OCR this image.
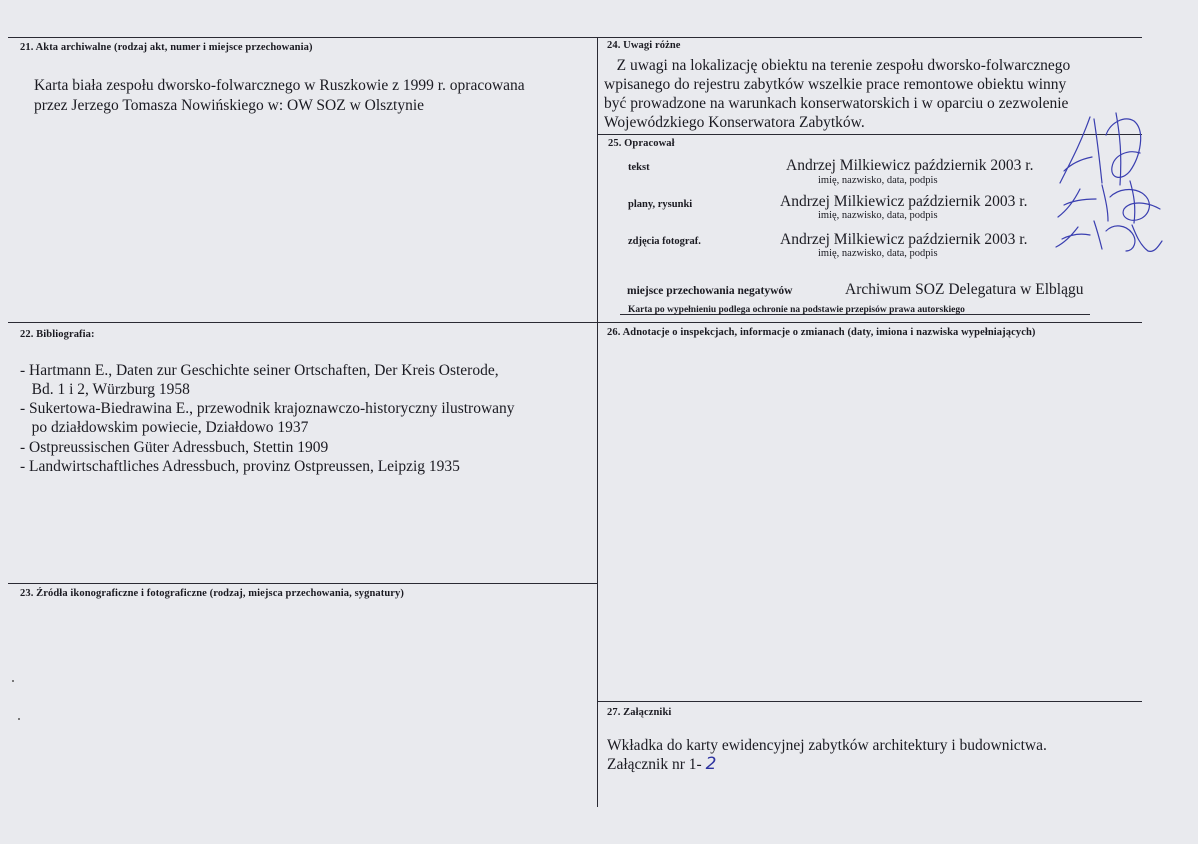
21. Akta archiwalne (rodzaj akt, numer i miejsce przechowania)
Karta biała zespołu dworsko-folwarcznego w Ruszkowie z 1999 r. opracowana
przez Jerzego Tomasza Nowińskiego w: OW SOZ w Olsztynie
24. Uwagi różne
Z uwagi na lokalizację obiektu na terenie zespołu dworsko-folwarcznego
wpisanego do rejestru zabytków wszelkie prace remontowe obiektu winny
być prowadzone na warunkach konserwatorskich i w oparciu o zezwolenie
Wojewódzkiego Konserwatora Zabytków.
25. Opracował
tekst	Andrzej Milkiewicz październik 2003 r.
imię, nazwisko, data, podpis
plany, rysunki	Andrzej Milkiewicz październik 2003 r.
imię, nazwisko, data, podpis
zdjęcia fotograf.	Andrzej Milkiewicz październik 2003 r.
imię, nazwisko, data, podpis
miejsce przechowania negatywów	Archiwum SOZ Delegatura w Elblągu
Karta po wypełnieniu podlega ochronie na podstawie przepisów prawa autorskiego
22. Bibliografia:
- Hartmann E., Daten zur Geschichte seiner Ortschaften, Der Kreis Osterode,
Bd. 1 i 2, Würzburg 1958
- Sukertowa-Biedrawina E., przewodnik krajoznawczo-historyczny ilustrowany
po działdowskim powiecie, Działdowo 1937
- Ostpreussischen Güter Adressbuch, Stettin 1909
- Landwirtschaftliches Adressbuch, provinz Ostpreussen, Leipzig 1935
26. Adnotacje o inspekcjach, informacje o zmianach (daty, imiona i nazwiska wypełniających)
23. Źródła ikonograficzne i fotograficzne (rodzaj, miejsca przechowania, sygnatury)
27. Załączniki
Wkładka do karty ewidencyjnej zabytków architektury i budownictwa.
Załącznik nr 1- 2
